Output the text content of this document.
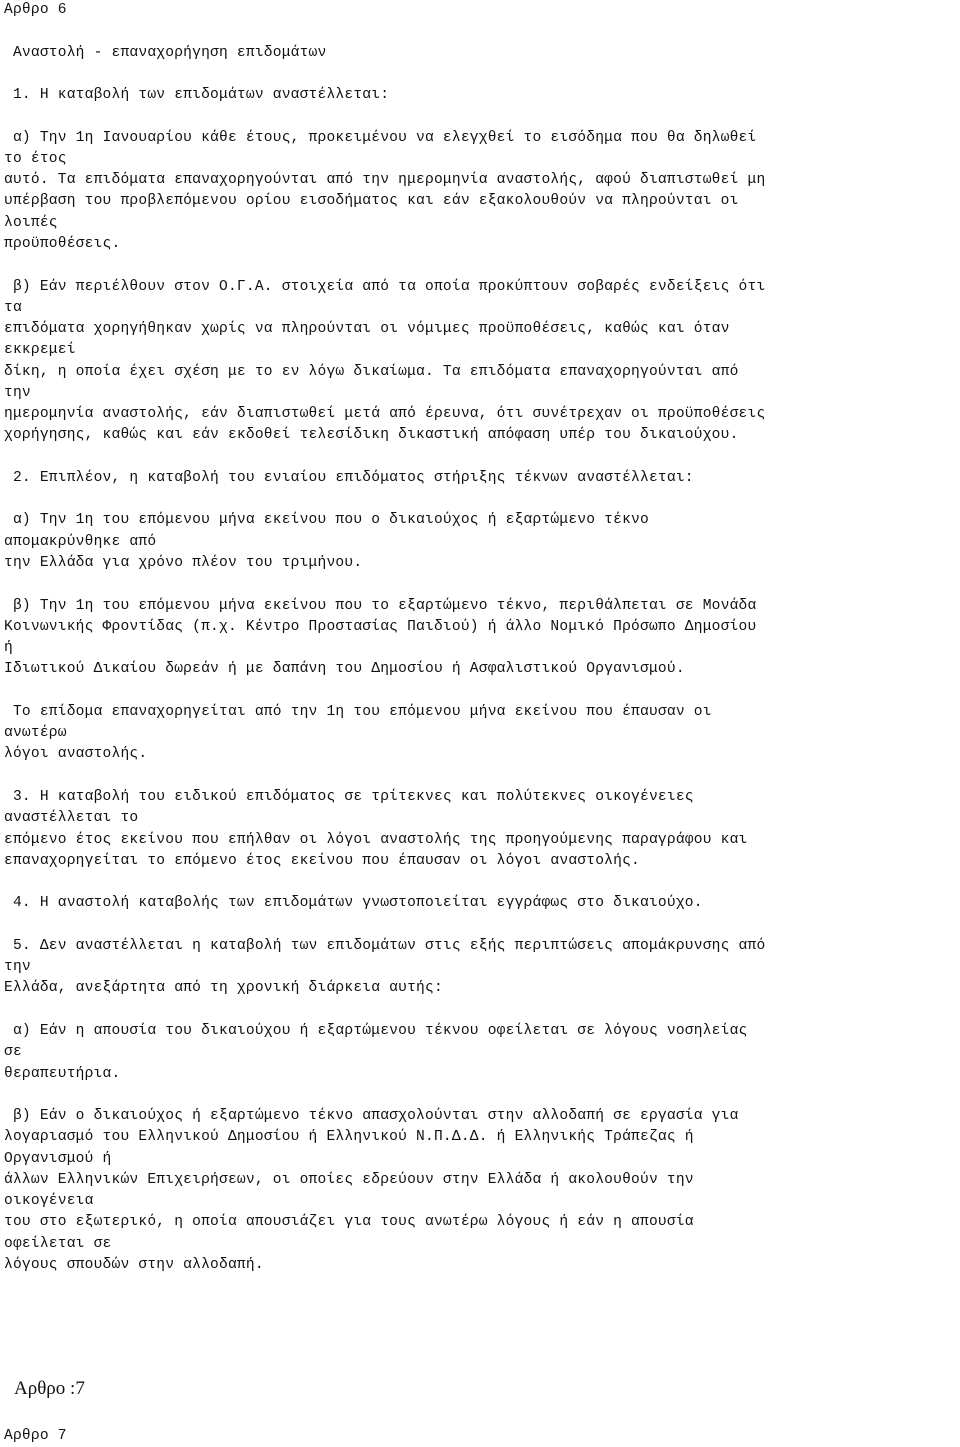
Αρθρο 6

Αναστολή - επαναχορήγηση επιδομάτων

1. Η καταβολή των επιδομάτων αναστέλλεται:

α) Την 1η Ιανουαρίου κάθε έτους, προκειμένου να ελεγχθεί το εισόδημα που θα δηλωθεί

το έτος

αυτό. Τα επιδόματα επαναχορηγούνται από την ημερομηνία αναστολής, αφού διαπιστωθεί μη

υπέρβαση του προβλεπόμενου ορίου εισοδήματος και εάν εξακολουθούν να πληρούνται οι

λοιπές

προϋποθέσεις.

β) Εάν περιέλθουν στον Ο.Γ.Α. στοιχεία από τα οποία προκύπτουν σοβαρές ενδείξεις ότι

τα

επιδόματα χορηγήθηκαν χωρίς να πληρούνται οι νόμιμες προϋποθέσεις, καθώς και όταν

εκκρεμεί

δίκη, η οποία έχει σχέση με το εν λόγω δικαίωμα. Τα επιδόματα επαναχορηγούνται από

την

ημερομηνία αναστολής, εάν διαπιστωθεί μετά από έρευνα, ότι συνέτρεχαν οι προϋποθέσεις

χορήγησης, καθώς και εάν εκδοθεί τελεσίδικη δικαστική απόφαση υπέρ του δικαιούχου.

2. Επιπλέον, η καταβολή του ενιαίου επιδόματος στήριξης τέκνων αναστέλλεται:

α) Την 1η του επόμενου μήνα εκείνου που ο δικαιούχος ή εξαρτώμενο τέκνο

απομακρύνθηκε από

την Ελλάδα για χρόνο πλέον του τριμήνου.

β) Την 1η του επόμενου μήνα εκείνου που το εξαρτώμενο τέκνο, περιθάλπεται σε Μονάδα

Κοινωνικής Φροντίδας (π.χ. Κέντρο Προστασίας Παιδιού) ή άλλο Νομικό Πρόσωπο Δημοσίου

ή

Ιδιωτικού Δικαίου δωρεάν ή με δαπάνη του Δημοσίου ή Ασφαλιστικού Οργανισμού.

Το επίδομα επαναχορηγείται από την 1η του επόμενου μήνα εκείνου που έπαυσαν οι

ανωτέρω

λόγοι αναστολής.

3. Η καταβολή του ειδικού επιδόματος σε τρίτεκνες και πολύτεκνες οικογένειες

αναστέλλεται το

επόμενο έτος εκείνου που επήλθαν οι λόγοι αναστολής της προηγούμενης παραγράφου και

επαναχορηγείται το επόμενο έτος εκείνου που έπαυσαν οι λόγοι αναστολής.

4. Η αναστολή καταβολής των επιδομάτων γνωστοποιείται εγγράφως στο δικαιούχο.

5. Δεν αναστέλλεται η καταβολή των επιδομάτων στις εξής περιπτώσεις απομάκρυνσης από

την

Ελλάδα, ανεξάρτητα από τη χρονική διάρκεια αυτής:

α) Εάν η απουσία του δικαιούχου ή εξαρτώμενου τέκνου οφείλεται σε λόγους νοσηλείας

σε

θεραπευτήρια.

β) Εάν ο δικαιούχος ή εξαρτώμενο τέκνο απασχολούνται στην αλλοδαπή σε εργασία για

λογαριασμό του Ελληνικού Δημοσίου ή Ελληνικού Ν.Π.Δ.Δ. ή Ελληνικής Τράπεζας ή

Οργανισμού ή

άλλων Ελληνικών Επιχειρήσεων, οι οποίες εδρεύουν στην Ελλάδα ή ακολουθούν την

οικογένεια

του στο εξωτερικό, η οποία απουσιάζει για τους ανωτέρω λόγους ή εάν η απουσία

οφείλεται σε

λόγους σπουδών στην αλλοδαπή.

Αρθρο :7

Αρθρο 7
